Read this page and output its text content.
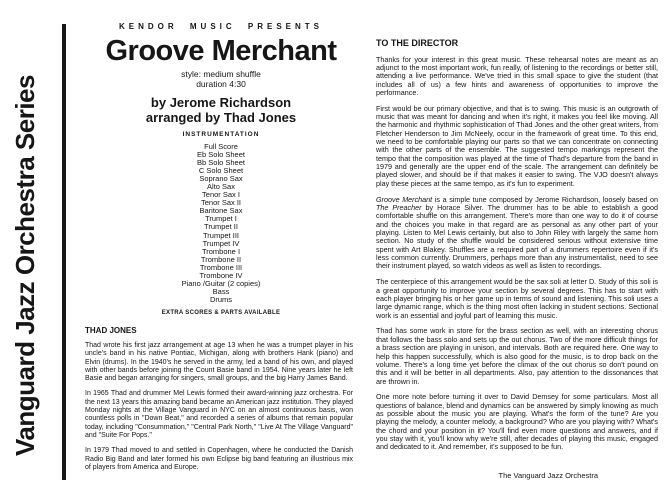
Vanguard Jazz Orchestra Series
KENDOR MUSIC PRESENTS
Groove Merchant
style: medium shuffle
duration 4:30
by Jerome Richardson
arranged by Thad Jones
INSTRUMENTATION
Full Score
Eb Solo Sheet
Bb Solo Sheet
C Solo Sheet
Soprano Sax
Alto Sax
Tenor Sax I
Tenor Sax II
Baritone Sax
Trumpet I
Trumpet II
Trumpet III
Trumpet IV
Trombone I
Trombone II
Trombone III
Trombone IV
Piano /Guitar (2 copies)
Bass
Drums
EXTRA SCORES & PARTS AVAILABLE
THAD JONES
Thad wrote his first jazz arrangement at age 13 when he was a trumpet player in his uncle's band in his native Pontiac, Michigan, along with brothers Hank (piano) and Elvin (drums). In the 1940's he served in the army, led a band of his own, and played with other bands before joining the Count Basie band in 1954. Nine years later he left Basie and began arranging for singers, small groups, and the big Harry James Band.
In 1965 Thad and drummer Mel Lewis formed their award-winning jazz orchestra. For the next 13 years this amazing band became an American jazz institution. They played Monday nights at the Village Vanguard in NYC on an almost continuous basis, won countless polls in "Down Beat," and recorded a series of albums that remain popular today, including "Consummation," "Central Park North," "Live At The Village Vanguard" and "Suite For Pops."
In 1979 Thad moved to and settled in Copenhagen, where he conducted the Danish Radio Big Band and later formed his own Eclipse big band featuring an illustrious mix of players from America and Europe.
TO THE DIRECTOR

Thanks for your interest in this great music. These rehearsal notes are meant as an adjunct to the most important work, fun really, of listening to the recordings or better still, attending a live performance. We've tried in this small space to give the student (that includes all of us) a few hints and awareness of opportunities to improve the performance.

First would be our primary objective, and that is to swing. This music is an outgrowth of music that was meant for dancing and when it's right, it makes you feel like moving. All the harmonic and rhythmic sophistication of Thad Jones and the other great writers, from Fletcher Henderson to Jim McNeely, occur in the framework of great time. To this end, we need to be comfortable playing our parts so that we can concentrate on connecting with the other parts of the ensemble. The suggested tempo markings represent the tempo that the composition was played at the time of Thad's departure from the band in 1979 and generally are the upper end of the scale. The arrangement can definitely be played slower, and should be if that makes it easier to swing. The VJO doesn't always play these pieces at the same tempo, as it's fun to experiment.

Groove Merchant is a simple tune composed by Jerome Richardson, loosely based on The Preacher by Horace Silver. The drummer has to be able to establish a good comfortable shuffle on this arrangement. There's more than one way to do it of course and the choices you make in that regard are as personal as any other part of your playing. Listen to Mel Lewis certainly, but also to John Riley with largely the same horn section. No study of the shuffle would be considered serious without extensive time spent with Art Blakey. Shuffles are a required part of a drummers repertoire even if it's less common currently. Drummers, perhaps more than any instrumentalist, need to see their instrument played, so watch videos as well as listen to recordings.

The centerpiece of this arrangement would be the sax soli at letter D. Study of this soli is a great opportunity to improve your section by several degrees. This has to start with each player bringing his or her game up in terms of sound and listening. This soli uses a large dynamic range, which is the thing most often lacking in student sections. Sectional work is an essential and joyful part of learning this music.

Thad has some work in store for the brass section as well, with an interesting chorus that follows the bass solo and sets up the out chorus. Two of the more difficult things for a brass section are playing in unison, and intervals. Both are required here. One way to help this happen successfully, which is also good for the music, is to drop back on the volume. There's a long time yet before the climax of the out chorus so don't pound on this and it will be better in all departments. Also, pay attention to the dissonances that are thrown in.

One more note before turning it over to David Demsey for some particulars. Most all questions of balance, blend and dynamics can be answered by simply knowing as much as possible about the music you are playing. What's the form of the tune? Are you playing the melody, a counter melody, a background? Who are you playing with? What's the chord and your position in it? You'll find even more questions and answers, and if you stay with it, you'll know why we're still, after decades of playing this music, engaged and dedicated to it. And remember, it's supposed to be fun.

The Vanguard Jazz Orchestra
